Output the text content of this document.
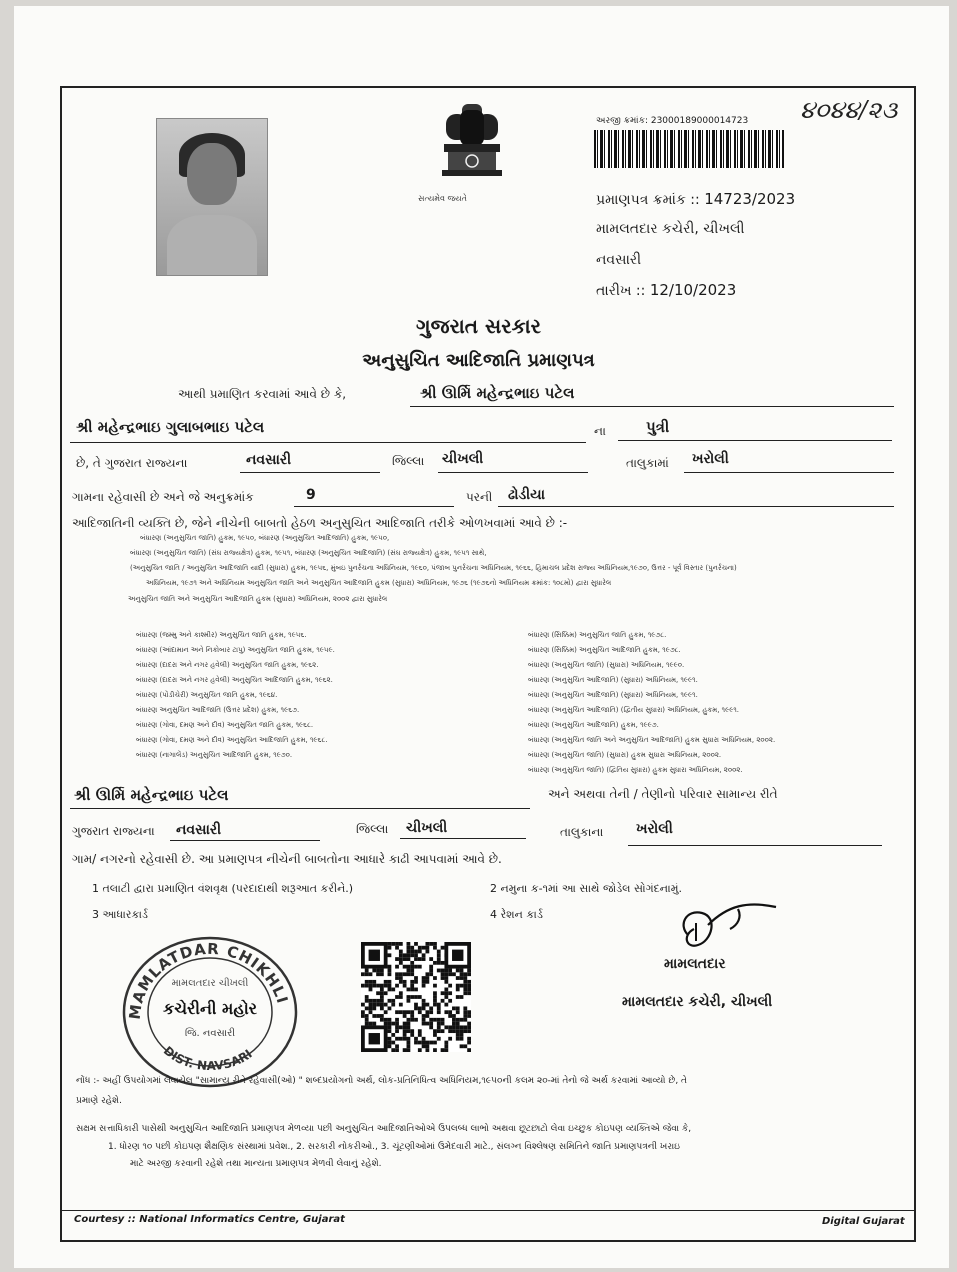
સત્યમેવ જયતે
અરજી ક્રમાંક: 23000189000014723 ૪૦૪૪/૨૩
પ્રમાણપત્ર ક્રમાંક :: 14723/2023
મામલતદાર કચેરી, ચીખલી
નવસારી
તારીખ :: 12/10/2023
ગુજરાત સરકાર
અનુસુચિત આદિજાતિ પ્રમાણપત્ર
આથી પ્રમાણિત કરવામાં આવે છે કે,	શ્રી ઊર્મિ મહેન્દ્રભાઇ પટેલ
શ્રી મહેન્દ્રભાઇ ગુલાબભાઇ પટેલ	ના	પુત્રી
છે, તે ગુજરાત રાજ્યના	નવસારી	જિલ્લા ચીખલી	તાલુકામાં ખરોલી
ગામના રહેવાસી છે અને જે અનુક્રમાંક	9	પરની ઢોડીયા
આદિજાતિની વ્યક્તિ છે, જેને નીચેની બાબતો હેઠળ અનુસુચિત આદિજાતિ તરીકે ઓળખવામાં આવે છે :-
બંધારણ (અનુસુચિત જાતિ) હુકમ, ૧૯૫૦, બંધારણ (અનુસુચિત આદિજાતિ) હુકમ, ૧૯૫૦,
બંધારણ (અનુસુચિત જાતિ) (સંઘ રાજ્યક્ષેત્ર) હુકમ, ૧૯૫૧, બંધારણ (અનુસુચિત આદિજાતિ) (સંઘ રાજ્યક્ષેત્ર) હુકમ, ૧૯૫૧ સાથે,
(અનુસુચિત જાતિ / અનુસુચિત આદિજાતિ યાદી (સુધારા) હુકમ, ૧૯૫૬, મુંબઇ પુનર્રચના અધિનિયમ, ૧૯૬૦, પંજાબ પુનર્રચના અધિનિયમ, ૧૯૬૬, હિમાચલ પ્રદેશ રાજ્ય અધિનિયમ,૧૯૭૦, ઉત્તર - પૂર્વ વિસ્તાર (પુનર્રચના)
અધિનિયમ, ૧૯૭૧ અને અધિનિયમ અનુસુચિત જાતિ અને અનુસુચિત આદિજાતિ હુકમ (સુધારા) અધિનિયમ, ૧૯૭૬ (૧૯૭૬નો અધિનિયમ ક્રમાંક: ૧૦૮મો) દ્વારા સુધારેલ
અનુસુચિત જાતિ અને અનુસુચિત આદિજાતિ હુકમ (સુધારા) અધિનિયમ, ૨૦૦૨ દ્વારા સુધારેલ
બંધારણ (જમ્મુ અને કાશ્મીર) અનુસુચિત જાતિ હુકમ, ૧૯૫૬.
બંધારણ (આંદામાન અને નિકોબાર ટાપુ) અનુસુચિત જાતિ હુકમ, ૧૯૫૯.
બંધારણ (દાદરા અને નગર હવેલી) અનુસુચિત જાતિ હુકમ, ૧૯૬૨.
બંધારણ (દાદરા અને નગર હવેલી) અનુસુચિત આદિજાતિ હુકમ, ૧૯૬૨.
બંધારણ (પોંડીચેરી) અનુસુચિત જાતિ હુકમ, ૧૯૬૪.
બંધારણ અનુસુચિત આદિજાતિ (ઉત્તર પ્રદેશ) હુકમ, ૧૯૬૭.
બંધારણ (ગોવા, દમણ અને દીવ) અનુસુચિત જાતિ હુકમ, ૧૯૬૮.
બંધારણ (ગોવા, દમણ અને દીવ) અનુસુચિત આદિજાતિ હુકમ, ૧૯૬૮.
બંધારણ (નાગાલેંડ) અનુસુચિત આદિજાતિ હુકમ, ૧૯૭૦.
બંધારણ (સિક્કિમ) અનુસુચિત જાતિ હુકમ, ૧૯૭૮.
બંધારણ (સિક્કિમ) અનુસુચિત આદિજાતિ હુકમ, ૧૯૭૮.
બંધારણ (અનુસુચિત જાતિ) (સુધારા) અધિનિયમ, ૧૯૯૦.
બંધારણ (અનુસુચિત આદિજાતિ) (સુધારા) અધિનિયમ, ૧૯૯૧.
બંધારણ (અનુસુચિત આદિજાતિ) (સુધારા) અધિનિયમ, ૧૯૯૧.
બંધારણ (અનુસુચિત આદિજાતિ) (દ્વિતીય સુધારા) અધિનિયમ, હુકમ, ૧૯૯૧.
બંધારણ (અનુસુચિત આદિજાતિ) હુકમ, ૧૯૯૭.
બંધારણ (અનુસુચિત જાતિ અને અનુસુચિત આદિજાતિ) હુકમ સુધારા અધિનિયમ, ૨૦૦૨.
બંધારણ (અનુસુચિત જાતિ) (સુધારા) હુકમ સુધારા અધિનિયમ, ૨૦૦૨.
બંધારણ (અનુસુચિત જાતિ) (દ્વિતિય સુધારા) હુકમ સુધારા અધિનિયમ, ૨૦૦૨.
શ્રી ઊર્મિ મહેન્દ્રભાઇ પટેલ	અને અથવા તેની / તેણીનો પરિવાર સામાન્ય રીતે
ગુજરાત રાજ્યના નવસારી	જિલ્લા ચીખલી	તાલુકાના ખરોલી
ગામ/ નગરનો રહેવાસી છે. આ પ્રમાણપત્ર નીચેની બાબતોના આધારે કાઢી આપવામાં આવે છે.
1 તલાટી દ્વારા પ્રમાણિત વંશવૃક્ષ (પરદાદાથી શરૂઆત કરીને.)	2 નમુના ક-૧માં આ સાથે જોડેલ સોગંદનામું.
3 આધારકાર્ડ	4 રેશન કાર્ડ
MAMLATDAR CHIKHLI
DIST. NAVSARI
મામલતદાર ચીખલી
કચેરીની મહોર
જિ. નવસારી
મામલતદાર
મામલતદાર કચેરી, ચીખલી
નોંધ :- અહીં ઉપયોગમાં લેવાયેલ "સામાન્ય રીતે રહેવાસી(ઓ) " શબ્દપ્રયોગનો અર્થ, લોક-પ્રતિનિધિત્વ અધિનિયમ,૧૯૫૦ની કલમ ૨૦-માં તેનો જે અર્થ કરવામાં આવ્યો છે, તે
પ્રમાણે રહેશે.
સક્ષમ સત્તાધિકારી પાસેથી અનુસુચિત આદિજાતિ પ્રમાણપત્ર મેળવ્યા પછી અનુસુચિત આદિજાતિઓએ ઉપલબ્ધ લાભો અથવા છૂટછાટો લેવા ઇચ્છુક કોઇપણ વ્યક્તિએ જેવા કે,
1. ધોરણ ૧૦ પછી કોઇપણ શૈક્ષણિક સંસ્થામાં પ્રવેશ., 2. સરકારી નોકરીઓ., 3. ચૂંટણીઓમાં ઉમેદવારી માટે., સંલગ્ન વિશ્લેષણ સમિતિને જાતિ પ્રમાણપત્રની ખરાઇ
માટે અરજી કરવાની રહેશે તથા માન્યતા પ્રમાણપત્ર મેળવી લેવાનું રહેશે.
Courtesy :: National Informatics Centre, Gujarat	Digital Gujarat
